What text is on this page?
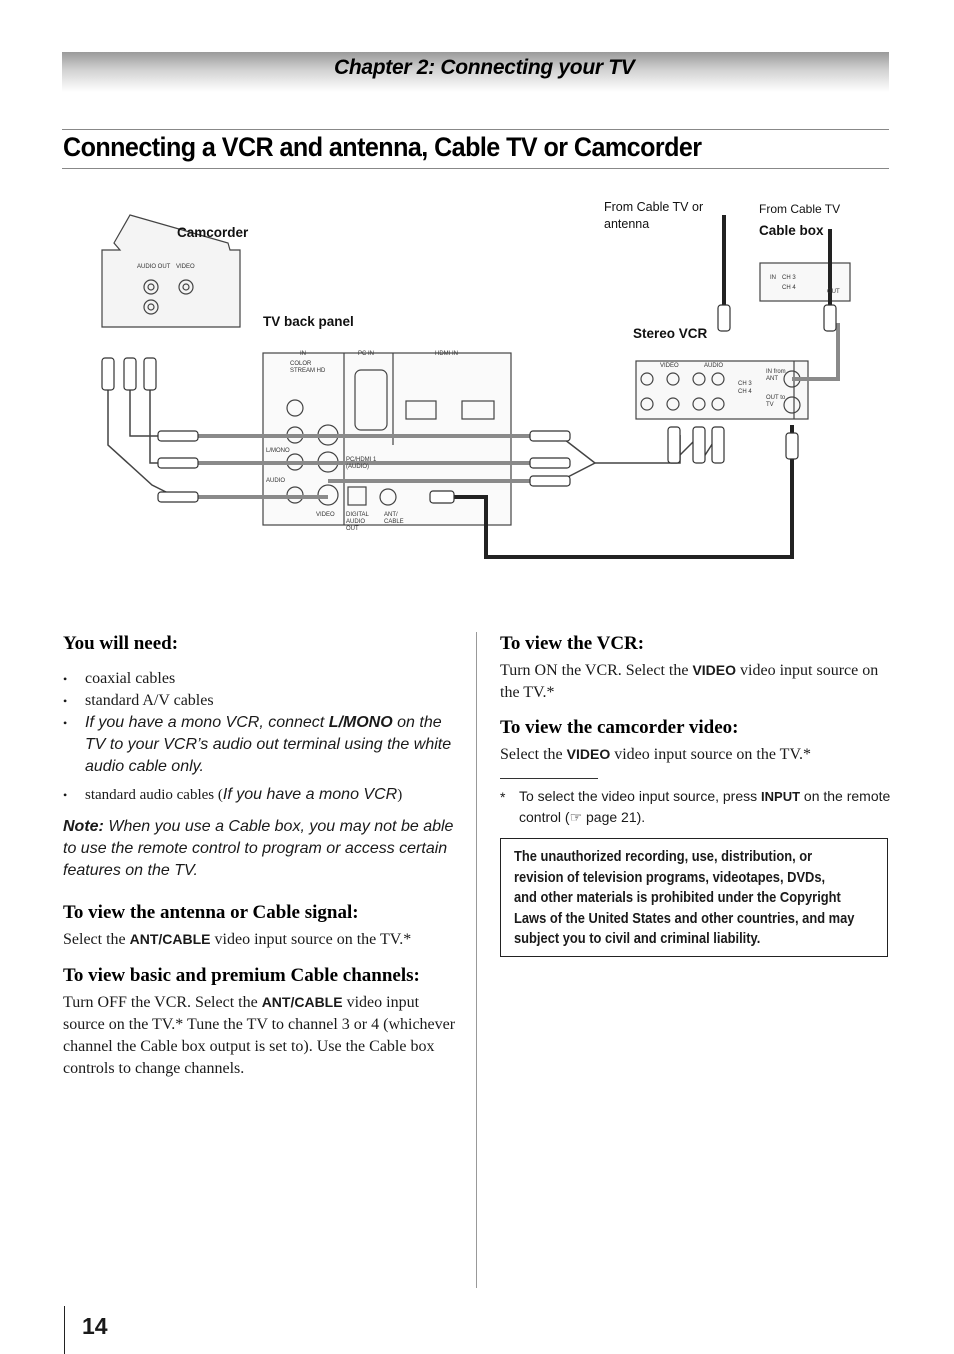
Chapter 2: Connecting your TV
Connecting a VCR and antenna, Cable TV or Camcorder
Camcorder
AUDIO OUT VIDEO
TV back panel
From Cable TV or antenna
From Cable TV
Cable box
Stereo VCR
IN
COLOR STREAM HD
PC IN	HDMI IN
L/MONO
AUDIO
VIDEO DIGITAL AUDIO OUT
ANT/ CABLE
PC/HDMI 1 (AUDIO)
IN CH 3
CH 4
OUT
VIDEO	AUDIO
IN from ANT
OUT to TV
CH 3
CH 4
You will need:
• coaxial cables
• standard A/V cables
• If you have a mono VCR, connect L/MONO on the TV to your VCR’s audio out terminal using the white audio cable only.
• standard audio cables (If you have a mono VCR)
Note: When you use a Cable box, you may not be able to use the remote control to program or access certain features on the TV.
To view the antenna or Cable signal:
Select the ANT/CABLE video input source on the TV.*
To view basic and premium Cable channels:
Turn OFF the VCR. Select the ANT/CABLE video input source on the TV.* Tune the TV to channel 3 or 4 (whichever channel the Cable box output is set to). Use the Cable box controls to change channels.
To view the VCR:
Turn ON the VCR. Select the VIDEO video input source on the TV.*
To view the camcorder video:
Select the VIDEO video input source on the TV.*
* To select the video input source, press INPUT on the remote control (☞ page 21).
The unauthorized recording, use, distribution, or
revision of television programs, videotapes, DVDs,
and other materials is prohibited under the Copyright
Laws of the United States and other countries, and may
subject you to civil and criminal liability.
14
